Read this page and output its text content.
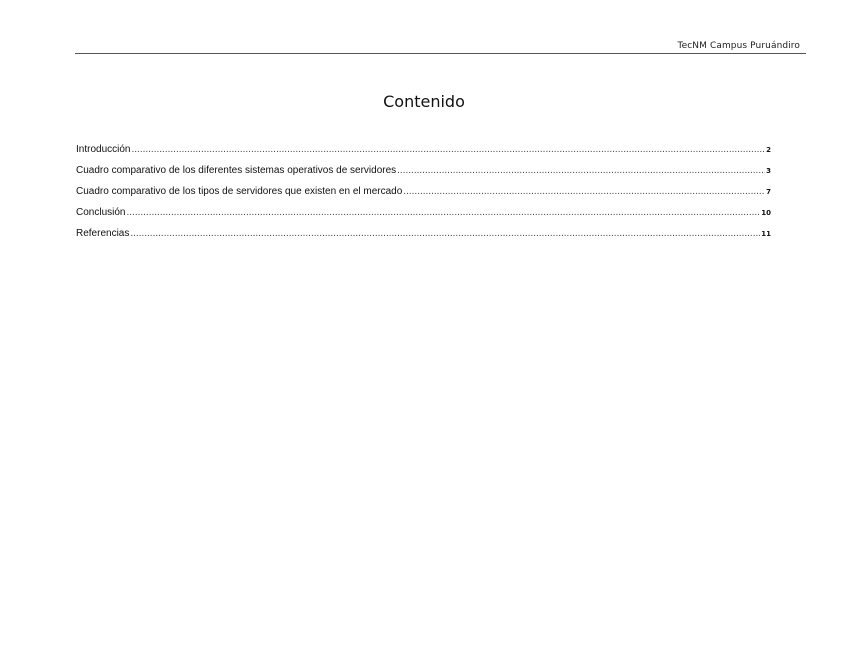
TecNM Campus Puruándiro
Contenido
Introducción .....	2
Cuadro comparativo de los diferentes sistemas operativos de servidores .....	3
Cuadro comparativo de los tipos de servidores que existen en el mercado .....	7
Conclusión .....	10
Referencias .....	11
